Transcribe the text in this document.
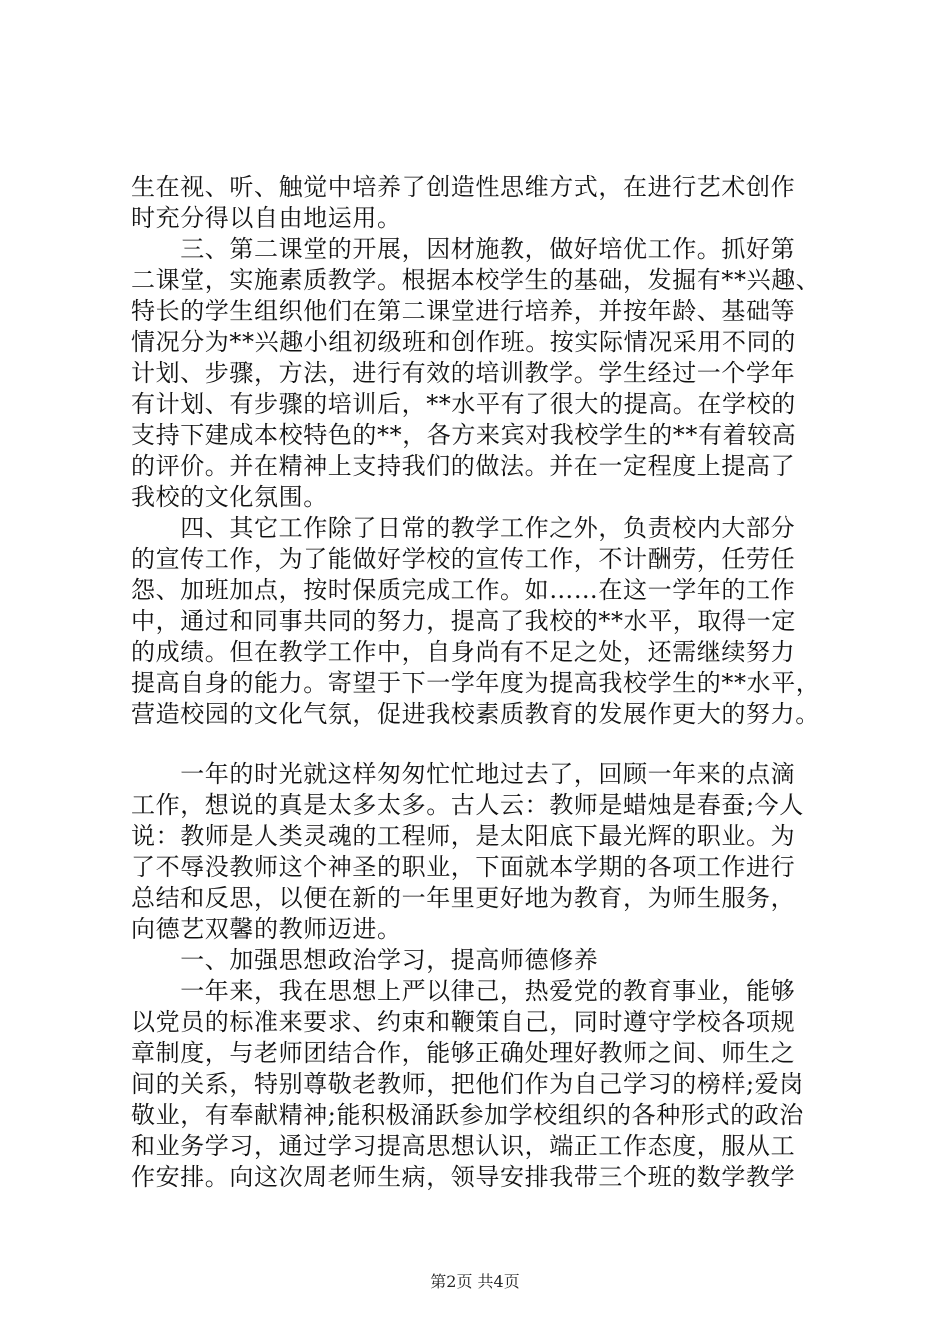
生在视、听、触觉中培养了创造性思维方式，在进行艺术创作
时充分得以自由地运用。
　　三、第二课堂的开展，因材施教，做好培优工作。抓好第
二课堂，实施素质教学。根据本校学生的基础，发掘有**兴趣、
特长的学生组织他们在第二课堂进行培养，并按年龄、基础等
情况分为**兴趣小组初级班和创作班。按实际情况采用不同的
计划、步骤，方法，进行有效的培训教学。学生经过一个学年
有计划、有步骤的培训后，**水平有了很大的提高。在学校的
支持下建成本校特色的**，各方来宾对我校学生的**有着较高
的评价。并在精神上支持我们的做法。并在一定程度上提高了
我校的文化氛围。
　　四、其它工作除了日常的教学工作之外，负责校内大部分
的宣传工作，为了能做好学校的宣传工作，不计酬劳，任劳任
怨、加班加点，按时保质完成工作。如……在这一学年的工作
中，通过和同事共同的努力，提高了我校的**水平，取得一定
的成绩。但在教学工作中，自身尚有不足之处，还需继续努力
提高自身的能力。寄望于下一学年度为提高我校学生的**水平，
营造校园的文化气氛，促进我校素质教育的发展作更大的努力。
　　一年的时光就这样匆匆忙忙地过去了，回顾一年来的点滴
工作，想说的真是太多太多。古人云：教师是蜡烛是春蚕;今人
说：教师是人类灵魂的工程师，是太阳底下最光辉的职业。为
了不辱没教师这个神圣的职业，下面就本学期的各项工作进行
总结和反思，以便在新的一年里更好地为教育，为师生服务，
向德艺双馨的教师迈进。
　　一、加强思想政治学习，提高师德修养
　　一年来，我在思想上严以律己，热爱党的教育事业，能够
以党员的标准来要求、约束和鞭策自己，同时遵守学校各项规
章制度，与老师团结合作，能够正确处理好教师之间、师生之
间的关系，特别尊敬老教师，把他们作为自己学习的榜样;爱岗
敬业，有奉献精神;能积极涌跃参加学校组织的各种形式的政治
和业务学习，通过学习提高思想认识，端正工作态度，服从工
作安排。向这次周老师生病，领导安排我带三个班的数学教学
第2页 共4页
